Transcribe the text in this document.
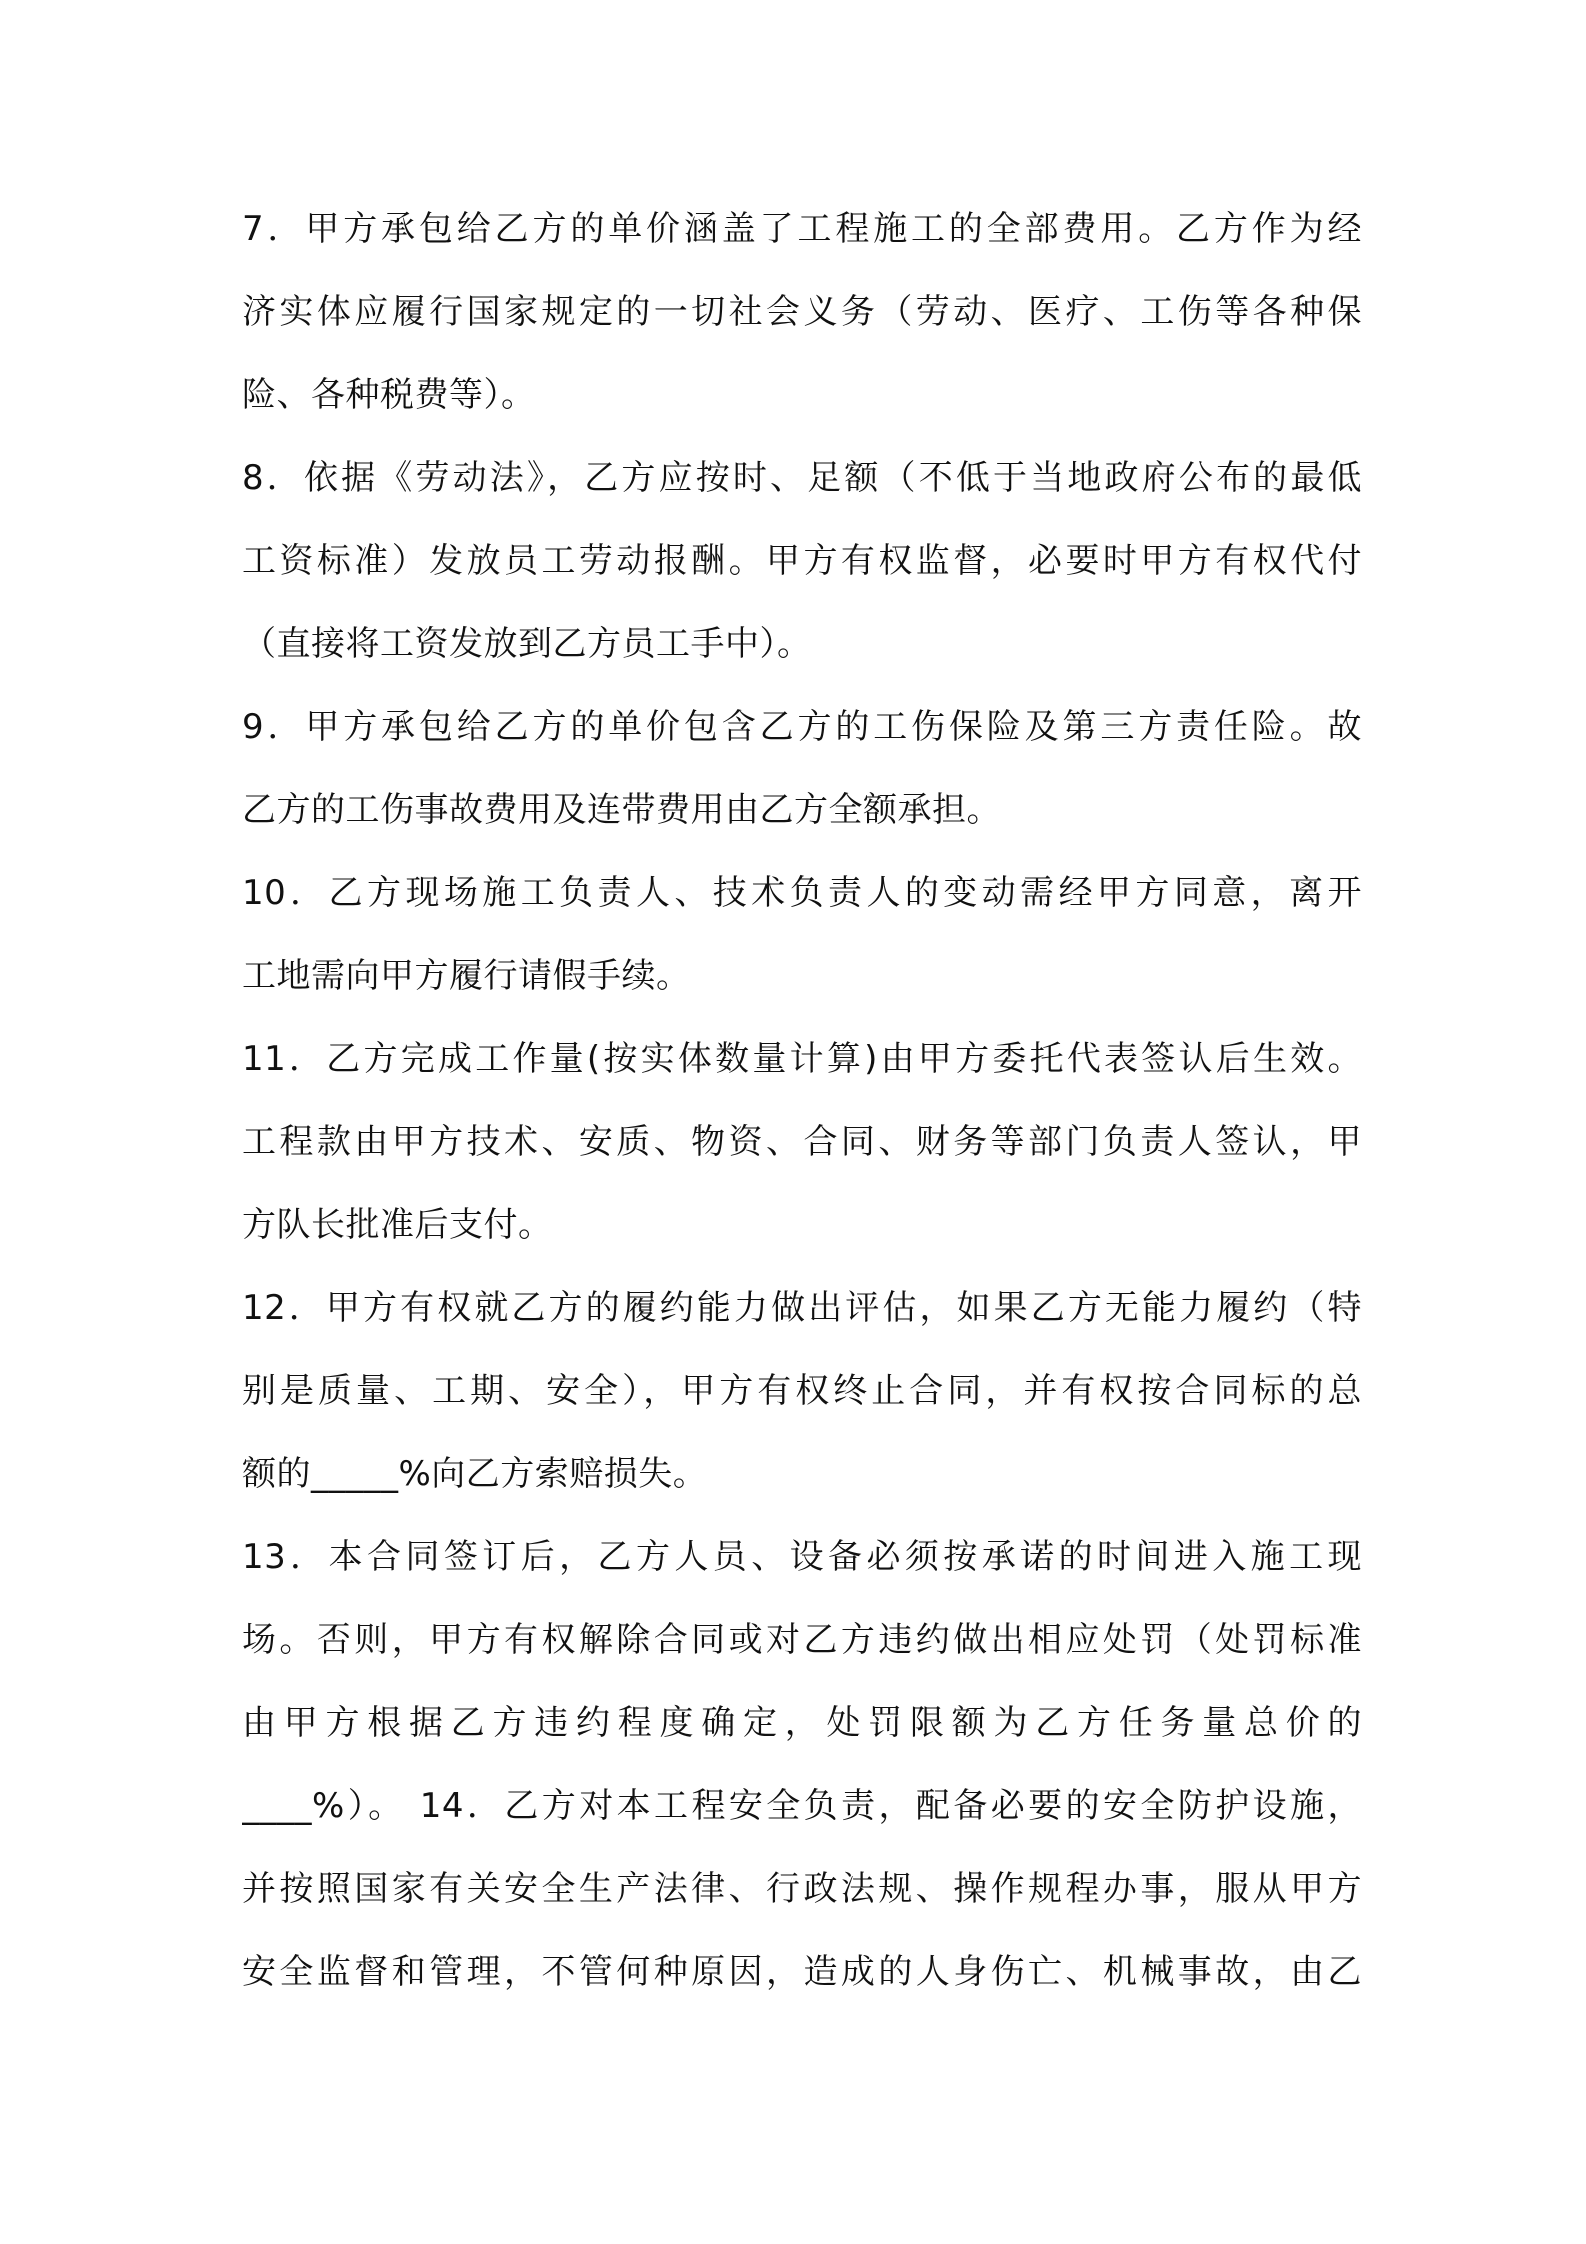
7．甲方承包给乙方的单价涵盖了工程施工的全部费用。乙方作为经
济实体应履行国家规定的一切社会义务（劳动、医疗、工伤等各种保
险、各种税费等）。
8．依据《劳动法》，乙方应按时、足额（不低于当地政府公布的最低
工资标准）发放员工劳动报酬。甲方有权监督，必要时甲方有权代付
（直接将工资发放到乙方员工手中）。
9．甲方承包给乙方的单价包含乙方的工伤保险及第三方责任险。故
乙方的工伤事故费用及连带费用由乙方全额承担。
10．乙方现场施工负责人、技术负责人的变动需经甲方同意，离开
工地需向甲方履行请假手续。
11．乙方完成工作量(按实体数量计算)由甲方委托代表签认后生效。
工程款由甲方技术、安质、物资、合同、财务等部门负责人签认，甲
方队长批准后支付。
12．甲方有权就乙方的履约能力做出评估，如果乙方无能力履约（特
别是质量、工期、安全），甲方有权终止合同，并有权按合同标的总
额的_____%向乙方索赔损失。
13．本合同签订后，乙方人员、设备必须按承诺的时间进入施工现
场。否则，甲方有权解除合同或对乙方违约做出相应处罚（处罚标准
由甲方根据乙方违约程度确定，处罚限额为乙方任务量总价的
____%）。 14．乙方对本工程安全负责，配备必要的安全防护设施，
并按照国家有关安全生产法律、行政法规、操作规程办事，服从甲方
安全监督和管理，不管何种原因，造成的人身伤亡、机械事故，由乙
